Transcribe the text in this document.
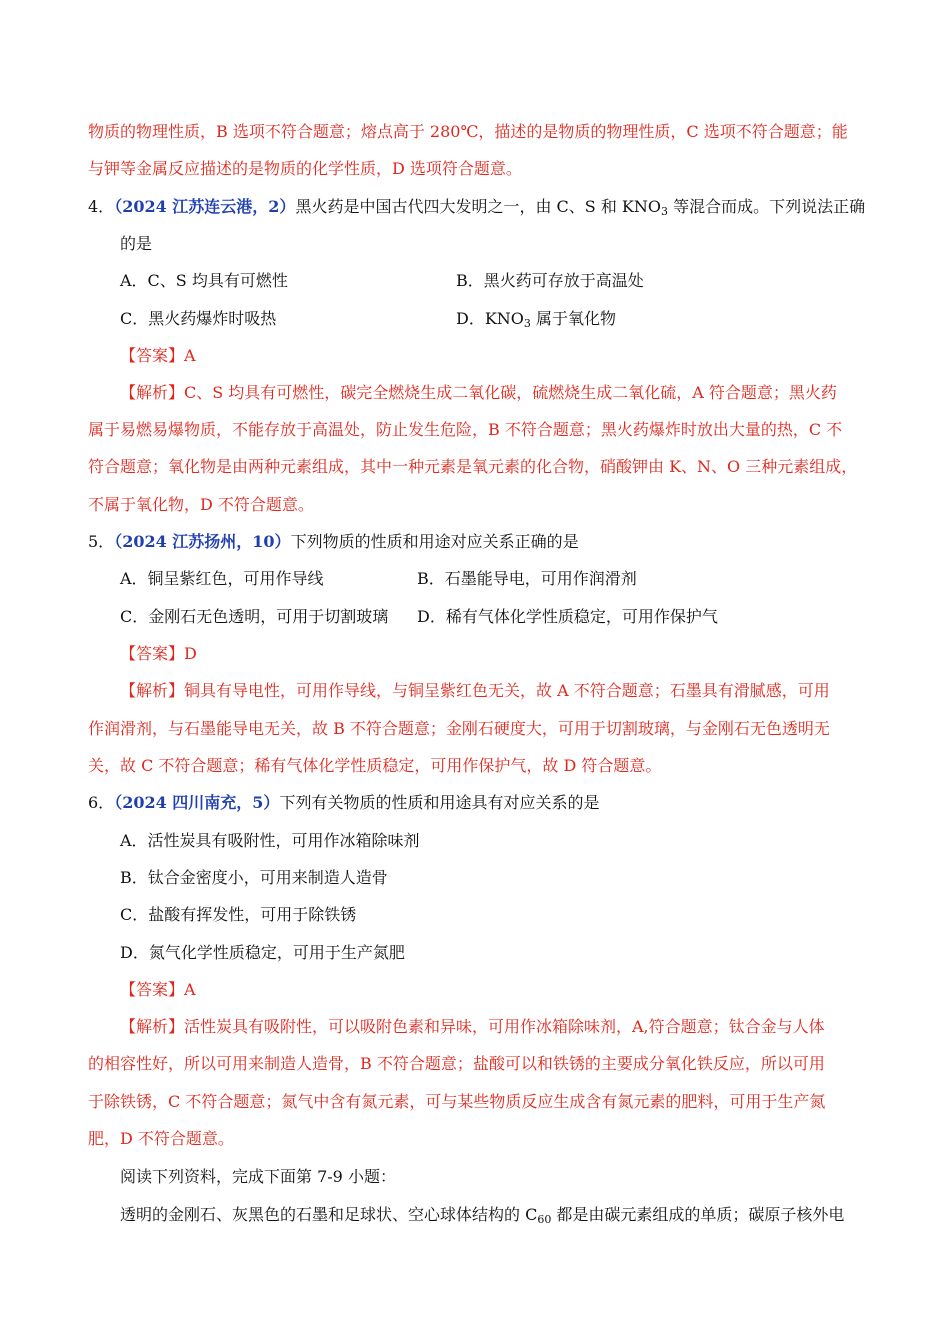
物质的物理性质，B 选项不符合题意；熔点高于 280℃，描述的是物质的物理性质，C 选项不符合题意；能
与钾等金属反应描述的是物质的化学性质，D 选项符合题意。
4．（2024 江苏连云港，2）黑火药是中国古代四大发明之一，由 C、S 和 $KNO_3$ 等混合而成。下列说法正确
的是
A．C、S 均具有可燃性	B．黑火药可存放于高温处
C．黑火药爆炸时吸热	D．$KNO_3$ 属于氧化物
【答案】A
【解析】C、S 均具有可燃性，碳完全燃烧生成二氧化碳，硫燃烧生成二氧化硫，A 符合题意；黑火药
属于易燃易爆物质，不能存放于高温处，防止发生危险，B 不符合题意；黑火药爆炸时放出大量的热，C 不
符合题意；氧化物是由两种元素组成，其中一种元素是氧元素的化合物，硝酸钾由 K、N、O 三种元素组成，
不属于氧化物，D 不符合题意。
5．（2024 江苏扬州，10）下列物质的性质和用途对应关系正确的是
A．铜呈紫红色，可用作导线	B．石墨能导电，可用作润滑剂
C．金刚石无色透明，可用于切割玻璃 D．稀有气体化学性质稳定，可用作保护气
【答案】D
【解析】铜具有导电性，可用作导线，与铜呈紫红色无关，故 A 不符合题意；石墨具有滑腻感，可用
作润滑剂，与石墨能导电无关，故 B 不符合题意；金刚石硬度大，可用于切割玻璃，与金刚石无色透明无
关，故 C 不符合题意；稀有气体化学性质稳定，可用作保护气，故 D 符合题意。
6．（2024 四川南充，5）下列有关物质的性质和用途具有对应关系的是
A．活性炭具有吸附性，可用作冰箱除味剂
B．钛合金密度小，可用来制造人造骨
C．盐酸有挥发性，可用于除铁锈
D．氮气化学性质稳定，可用于生产氮肥
【答案】A
【解析】活性炭具有吸附性，可以吸附色素和异味，可用作冰箱除味剂，A,符合题意；钛合金与人体
的相容性好，所以可用来制造人造骨，B 不符合题意；盐酸可以和铁锈的主要成分氧化铁反应，所以可用
于除铁锈，C 不符合题意；氮气中含有氮元素，可与某些物质反应生成含有氮元素的肥料，可用于生产氮
肥，D 不符合题意。
阅读下列资料，完成下面第 7-9 小题：
透明的金刚石、灰黑色的石墨和足球状、空心球体结构的 $C_{60}$ 都是由碳元素组成的单质；碳原子核外电
